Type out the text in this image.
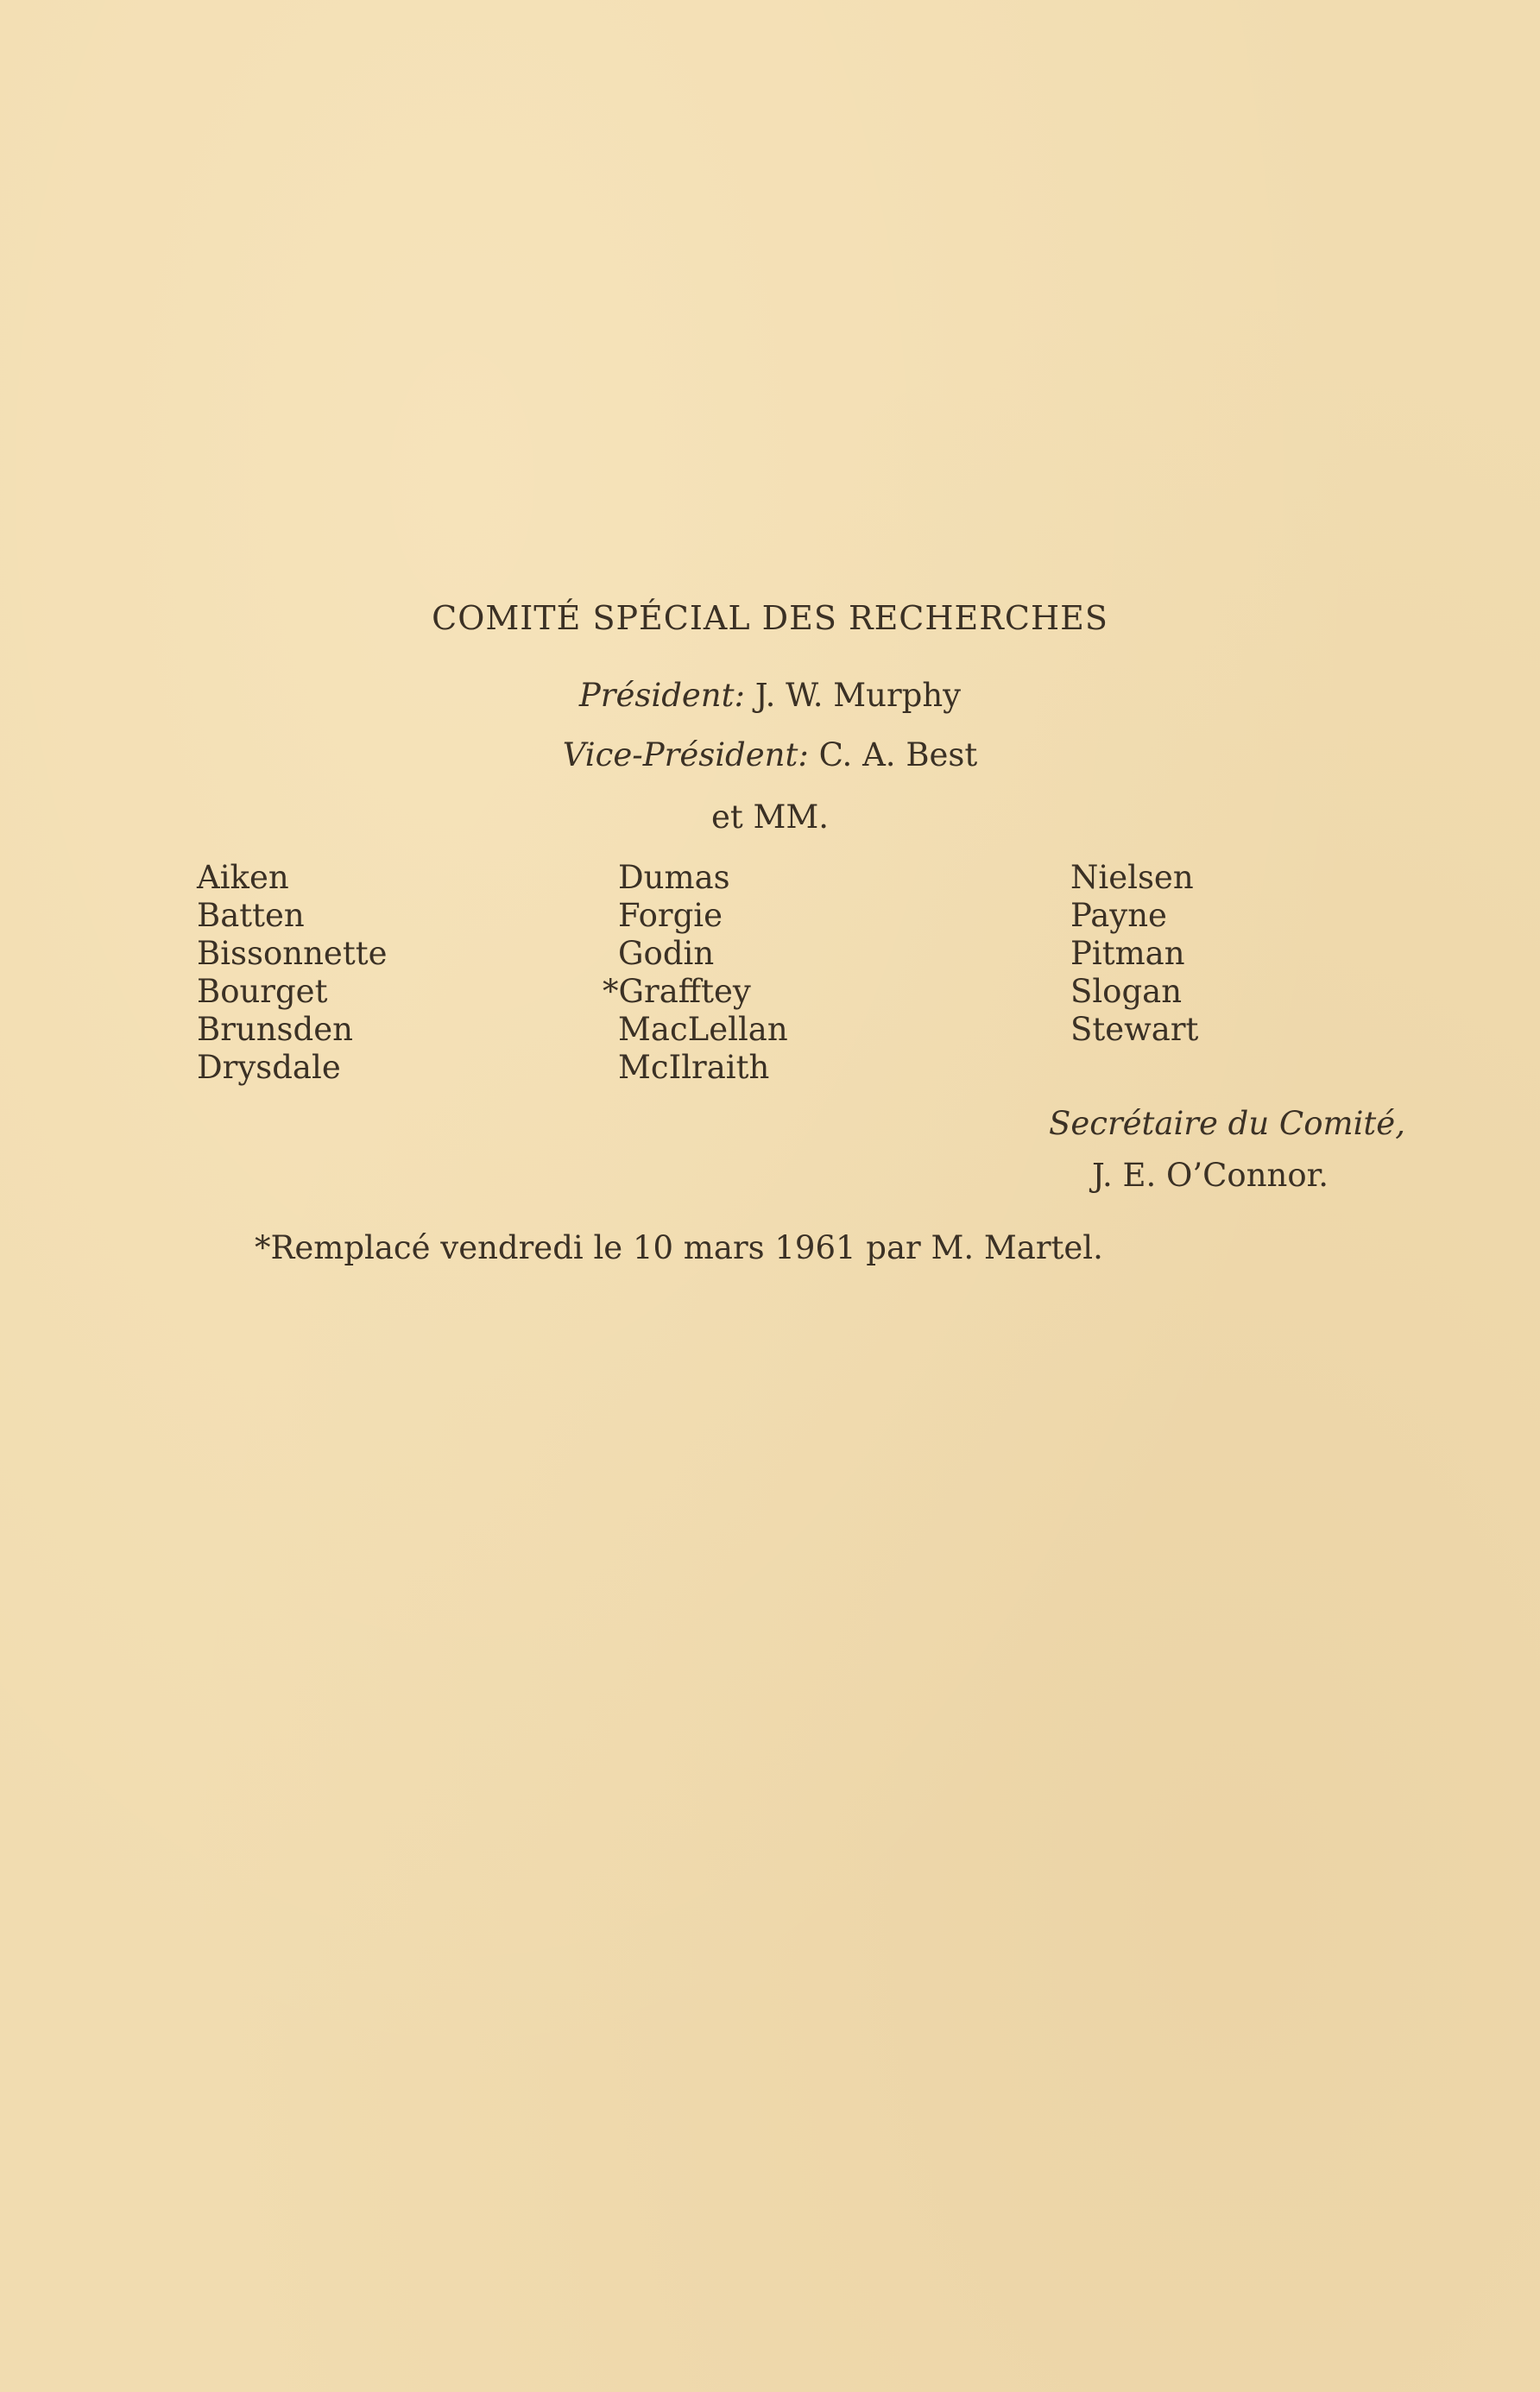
COMITÉ SPÉCIAL DES RECHERCHES
Président: J. W. Murphy
Vice-Président: C. A. Best
et MM.
Aiken
Batten
Bissonnette
Bourget
Brunsden
Drysdale
Dumas
Forgie
Godin
*Grafftey
MacLellan
McIlraith
Nielsen
Payne
Pitman
Slogan
Stewart
Secrétaire du Comité,
J. E. O’Connor.
*Remplacé vendredi le 10 mars 1961 par M. Martel.
